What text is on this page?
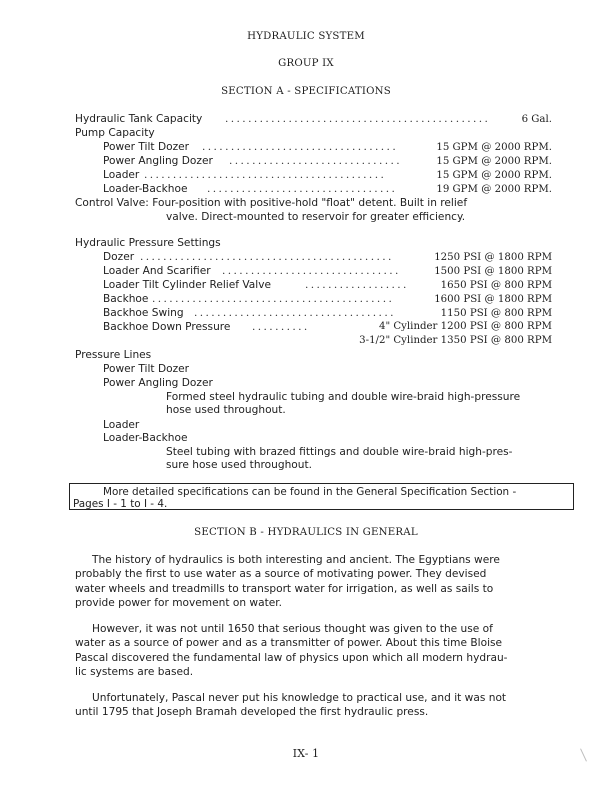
HYDRAULIC SYSTEM
GROUP IX
SECTION A - SPECIFICATIONS
Hydraulic Tank Capacity ..............................................	6 Gal.
Pump Capacity
Power Tilt Dozer ..................................	15 GPM @ 2000 RPM.
Power Angling Dozer ..............................	15 GPM @ 2000 RPM.
Loader ..........................................	15 GPM @ 2000 RPM.
Loader-Backhoe .................................	19 GPM @ 2000 RPM.
Control Valve: Four-position with positive-hold "float" detent. Built in relief
valve. Direct-mounted to reservoir for greater efficiency.
Hydraulic Pressure Settings
Dozer ............................................	1250 PSI @ 1800 RPM
Loader And Scarifier ...............................	1500 PSI @ 1800 RPM
Loader Tilt Cylinder Relief Valve	..................	1650 PSI @ 800 RPM
Backhoe ..........................................	1600 PSI @ 1800 RPM
Backhoe Swing ...................................	1150 PSI @ 800 RPM
Backhoe Down Pressure ..........	4" Cylinder 1200 PSI @ 800 RPM
3-1/2" Cylinder 1350 PSI @ 800 RPM
Pressure Lines
Power Tilt Dozer
Power Angling Dozer
Formed steel hydraulic tubing and double wire-braid high-pressure
hose used throughout.
Loader
Loader-Backhoe
Steel tubing with brazed fittings and double wire-braid high-pres-
sure hose used throughout.
More detailed specifications can be found in the General Specification Section -
Pages I - 1 to I - 4.
SECTION B - HYDRAULICS IN GENERAL
The history of hydraulics is both interesting and ancient. The Egyptians were
probably the first to use water as a source of motivating power. They devised
water wheels and treadmills to transport water for irrigation, as well as sails to
provide power for movement on water.
However, it was not until 1650 that serious thought was given to the use of
water as a source of power and as a transmitter of power. About this time Bloise
Pascal discovered the fundamental law of physics upon which all modern hydrau-
lic systems are based.
Unfortunately, Pascal never put his knowledge to practical use, and it was not
until 1795 that Joseph Bramah developed the first hydraulic press.
IX- 1
